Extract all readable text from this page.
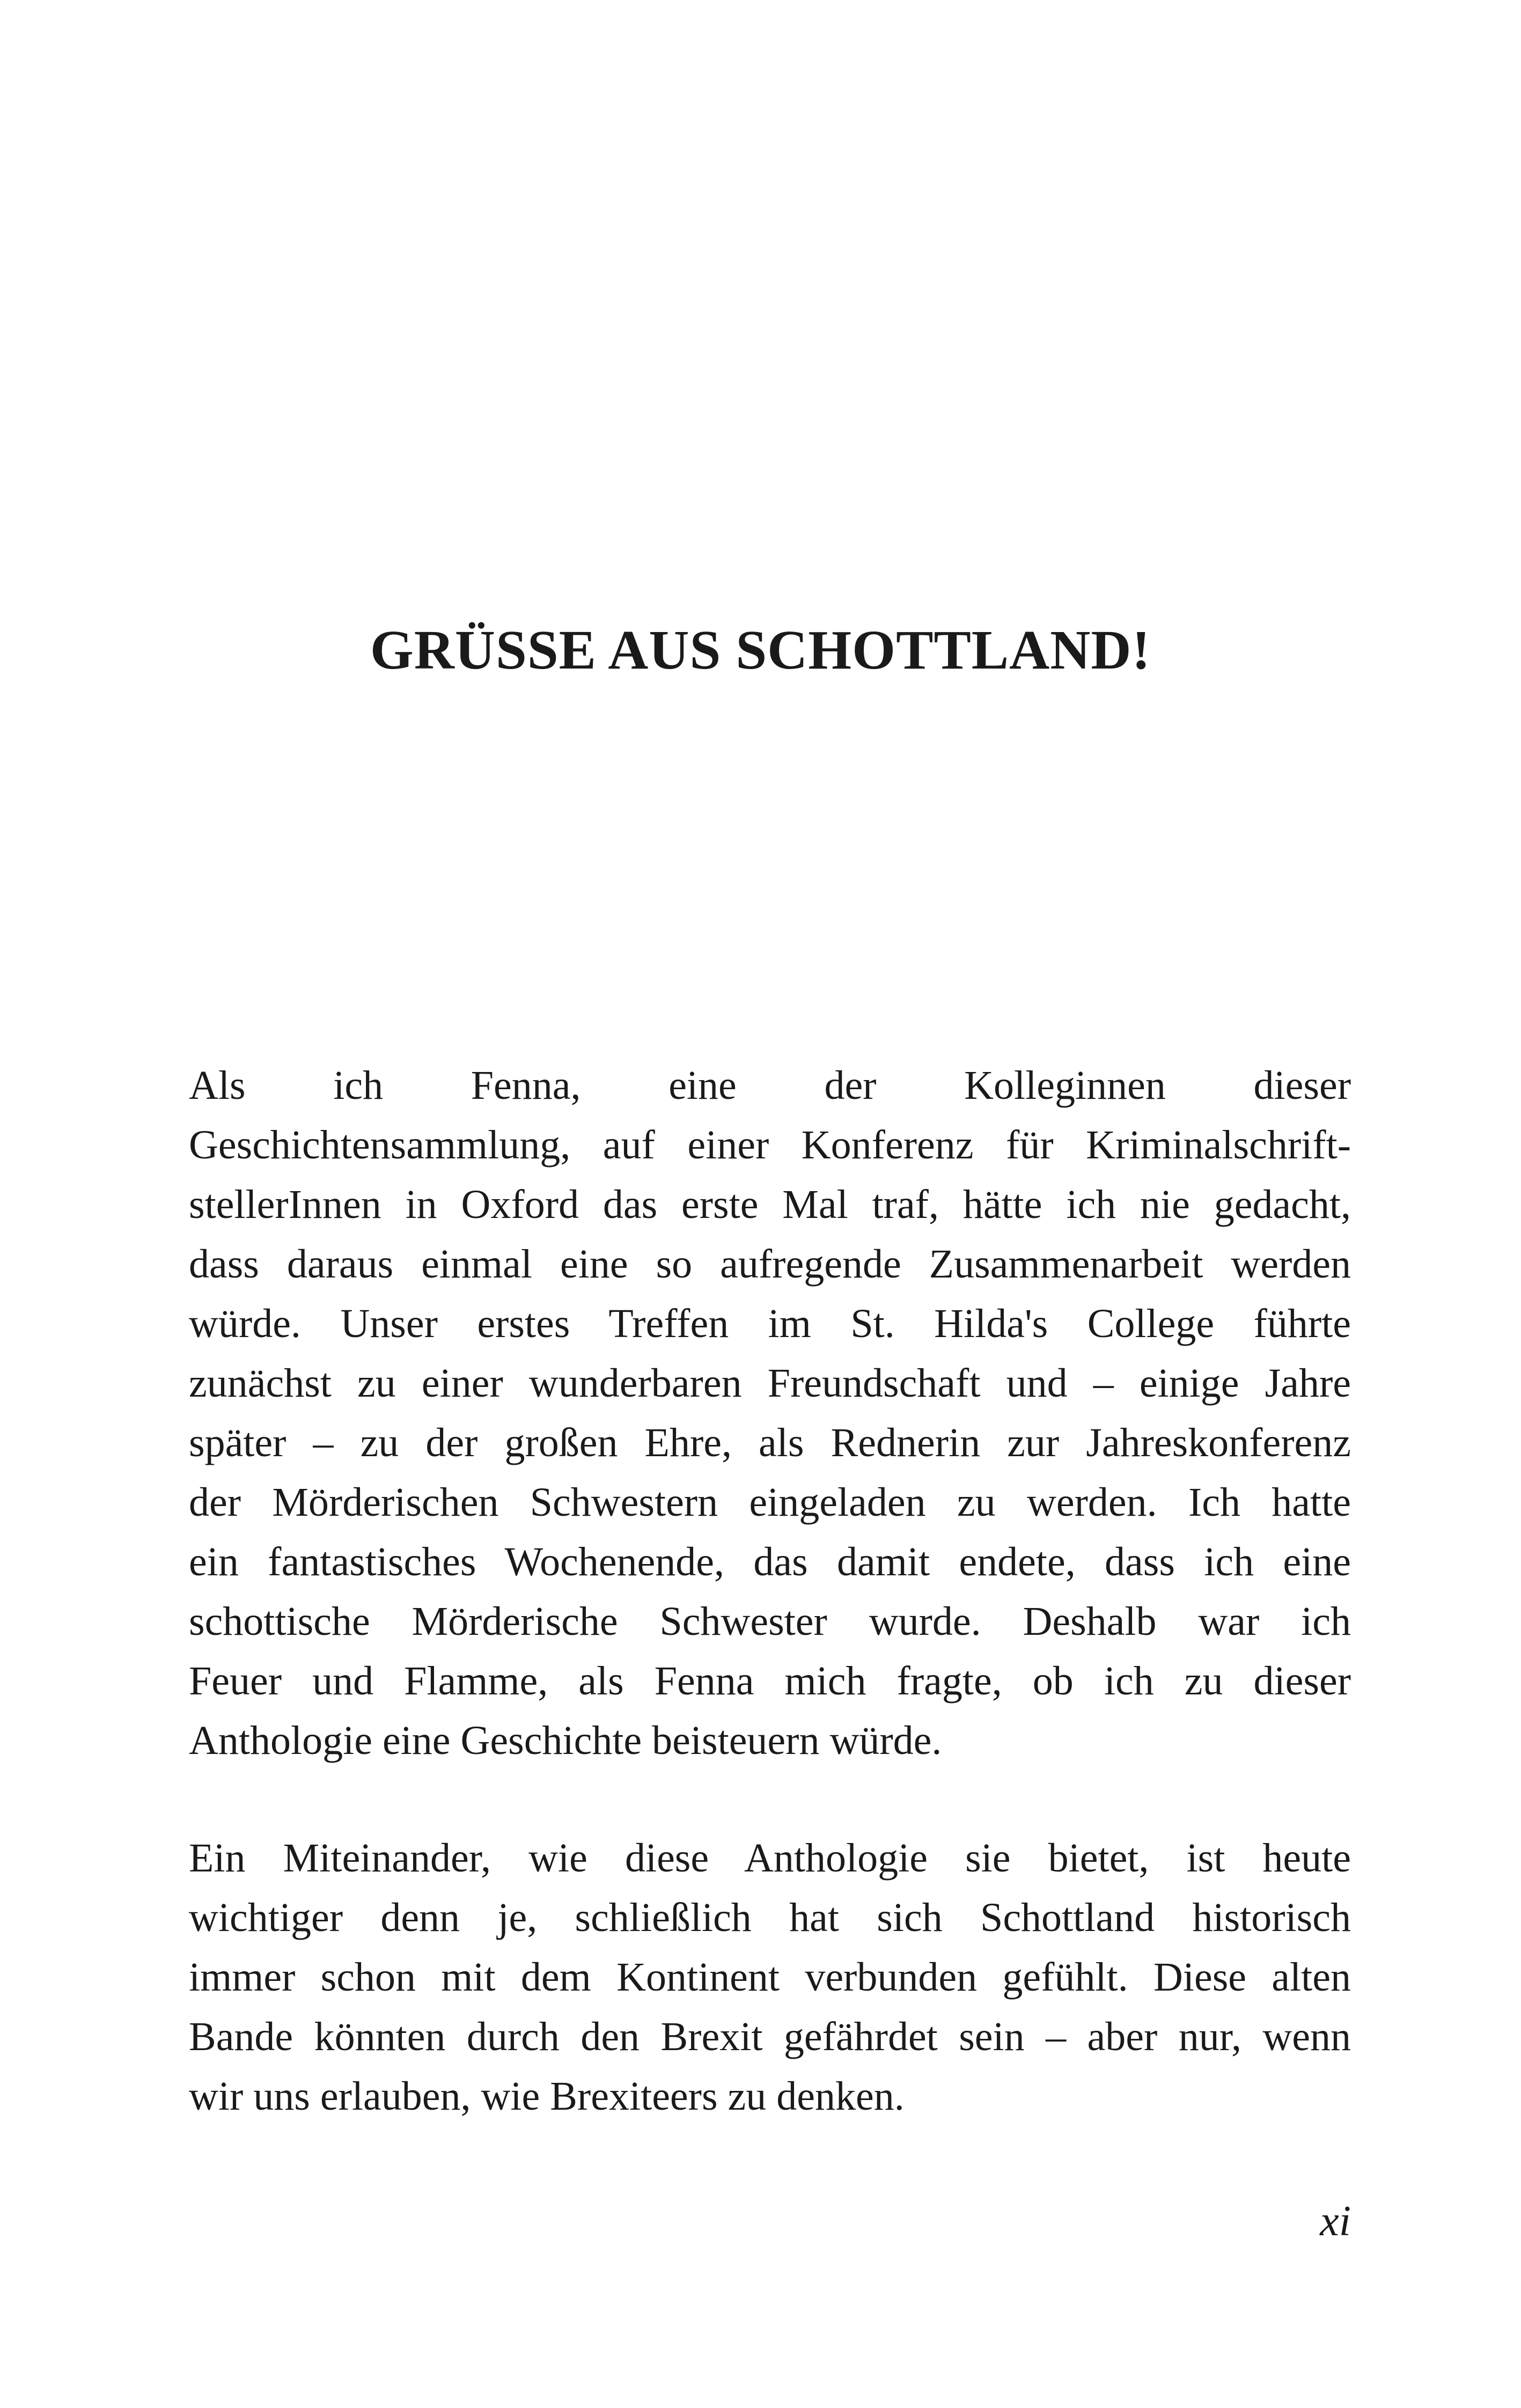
GRÜSSE AUS SCHOTTLAND!

Als ich Fenna, eine der Kolleginnen dieser
Geschichtensammlung, auf einer Konferenz für Kriminalschrift-
stellerInnen in Oxford das erste Mal traf, hätte ich nie gedacht,
dass daraus einmal eine so aufregende Zusammenarbeit werden
würde. Unser erstes Treffen im St. Hilda's College führte
zunächst zu einer wunderbaren Freundschaft und – einige Jahre
später – zu der großen Ehre, als Rednerin zur Jahreskonferenz
der Mörderischen Schwestern eingeladen zu werden. Ich hatte
ein fantastisches Wochenende, das damit endete, dass ich eine
schottische Mörderische Schwester wurde. Deshalb war ich
Feuer und Flamme, als Fenna mich fragte, ob ich zu dieser
Anthologie eine Geschichte beisteuern würde.

Ein Miteinander, wie diese Anthologie sie bietet, ist heute
wichtiger denn je, schließlich hat sich Schottland historisch
immer schon mit dem Kontinent verbunden gefühlt. Diese alten
Bande könnten durch den Brexit gefährdet sein – aber nur, wenn
wir uns erlauben, wie Brexiteers zu denken.

xi
